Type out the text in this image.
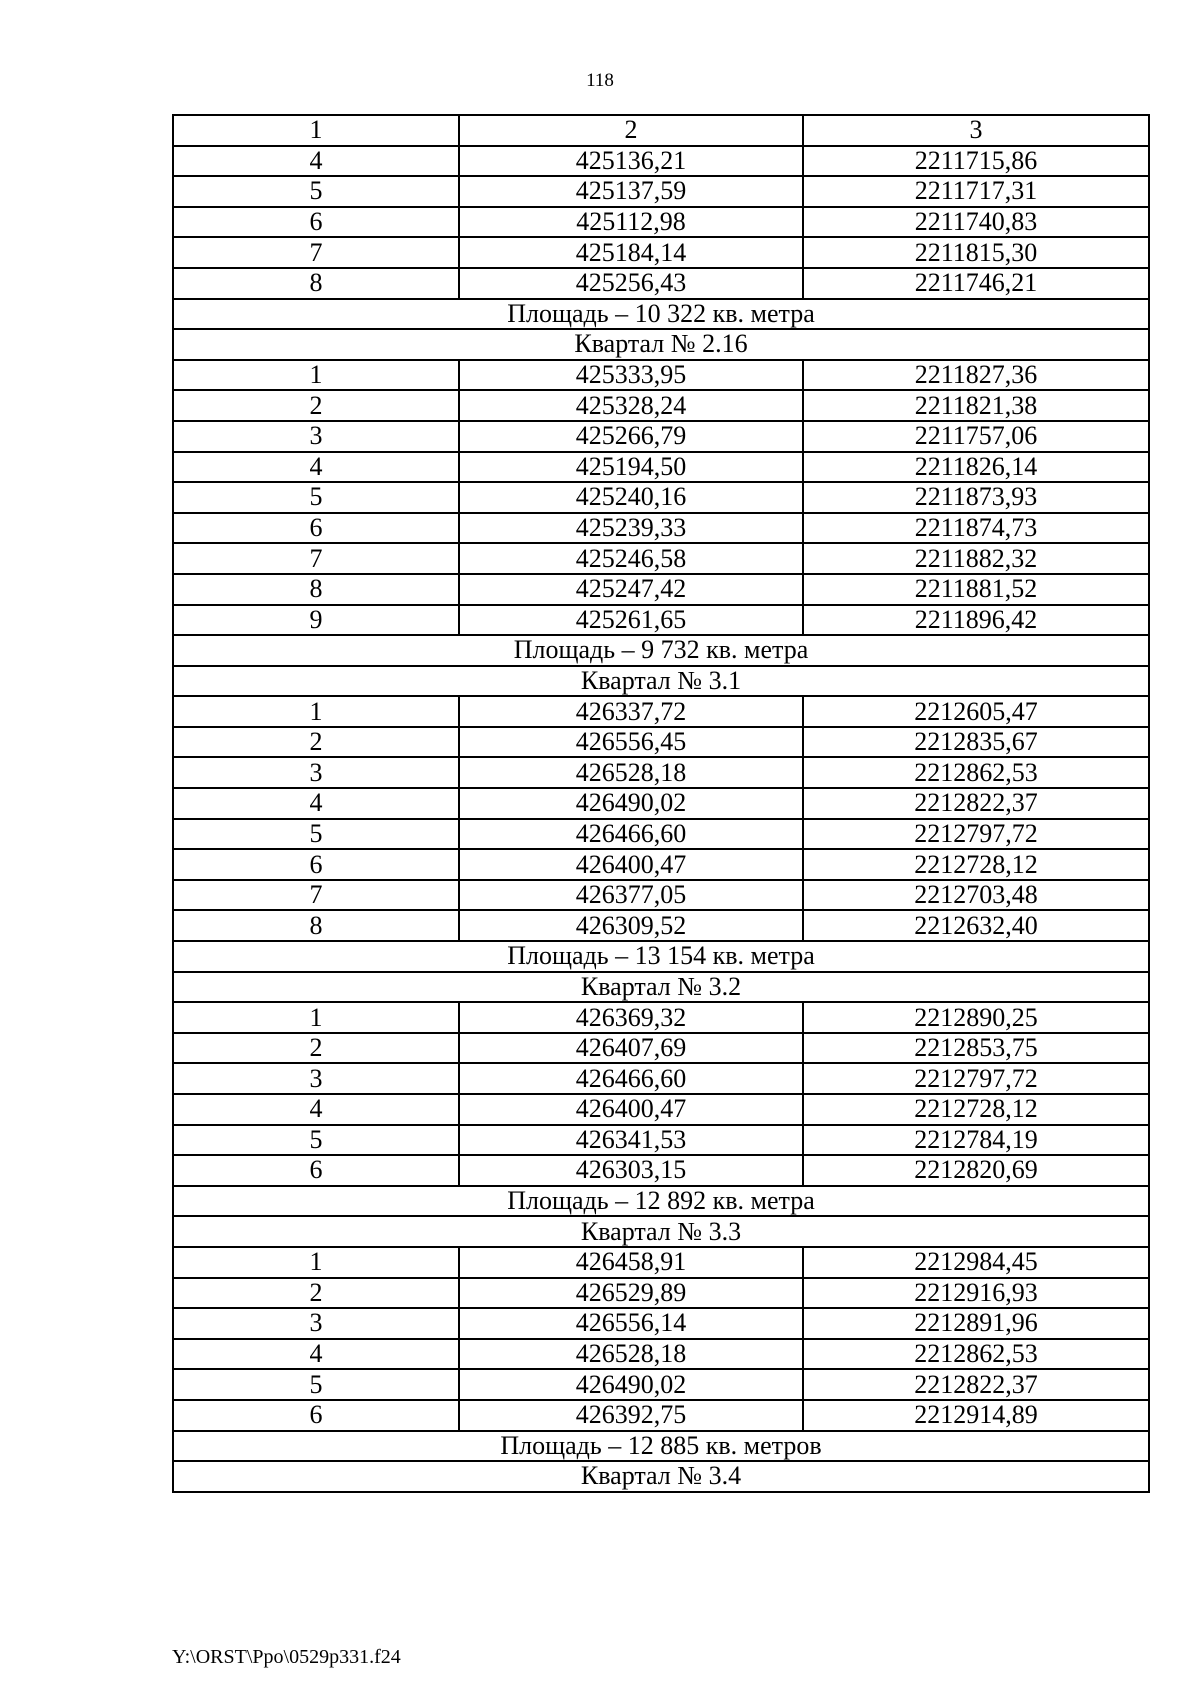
118
1	2	3
4	425136,21	2211715,86
5	425137,59	2211717,31
6	425112,98	2211740,83
7	425184,14	2211815,30
8	425256,43	2211746,21
Площадь – 10 322 кв. метра		
Квартал № 2.16		
1	425333,95	2211827,36
2	425328,24	2211821,38
3	425266,79	2211757,06
4	425194,50	2211826,14
5	425240,16	2211873,93
6	425239,33	2211874,73
7	425246,58	2211882,32
8	425247,42	2211881,52
9	425261,65	2211896,42
Площадь – 9 732 кв. метра		
Квартал № 3.1		
1	426337,72	2212605,47
2	426556,45	2212835,67
3	426528,18	2212862,53
4	426490,02	2212822,37
5	426466,60	2212797,72
6	426400,47	2212728,12
7	426377,05	2212703,48
8	426309,52	2212632,40
Площадь – 13 154 кв. метра		
Квартал № 3.2		
1	426369,32	2212890,25
2	426407,69	2212853,75
3	426466,60	2212797,72
4	426400,47	2212728,12
5	426341,53	2212784,19
6	426303,15	2212820,69
Площадь – 12 892 кв. метра		
Квартал № 3.3		
1	426458,91	2212984,45
2	426529,89	2212916,93
3	426556,14	2212891,96
4	426528,18	2212862,53
5	426490,02	2212822,37
6	426392,75	2212914,89
Площадь – 12 885 кв. метров		
Квартал № 3.4		
Y:\ORST\Ppo\0529p331.f24
